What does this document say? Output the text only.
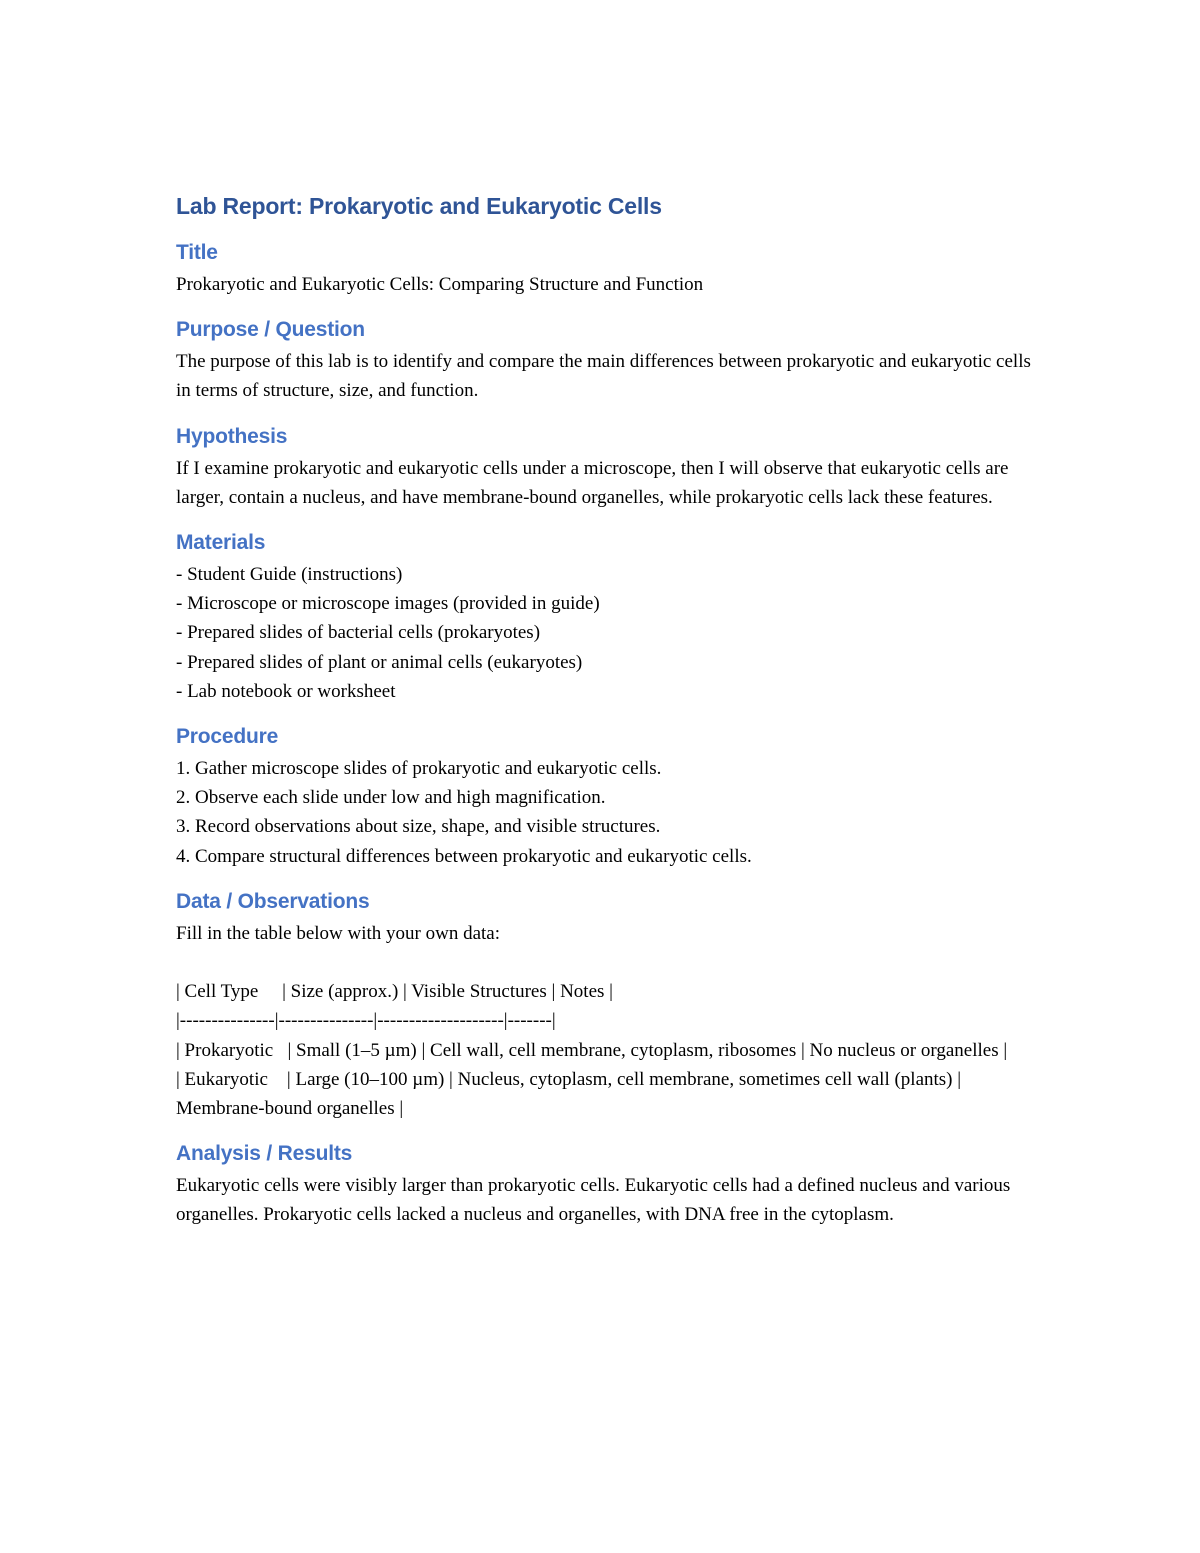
Lab Report: Prokaryotic and Eukaryotic Cells
Title

Prokaryotic and Eukaryotic Cells: Comparing Structure and Function

Purpose / Question

The purpose of this lab is to identify and compare the main differences between prokaryotic and eukaryotic cells in terms of structure, size, and function.

Hypothesis

If I examine prokaryotic and eukaryotic cells under a microscope, then I will observe that eukaryotic cells are larger, contain a nucleus, and have membrane-bound organelles, while prokaryotic cells lack these features.

Materials
- Student Guide (instructions)
- Microscope or microscope images (provided in guide)
- Prepared slides of bacterial cells (prokaryotes)
- Prepared slides of plant or animal cells (eukaryotes)
- Lab notebook or worksheet
Procedure
1. Gather microscope slides of prokaryotic and eukaryotic cells.
2. Observe each slide under low and high magnification.
3. Record observations about size, shape, and visible structures.
4. Compare structural differences between prokaryotic and eukaryotic cells.
Data / Observations
Fill in the table below with your own data:
| Cell Type     | Size (approx.) | Visible Structures | Notes |
|---------------|---------------|--------------------|-------|
| Prokaryotic   | Small (1–5 µm) | Cell wall, cell membrane, cytoplasm, ribosomes | No nucleus or organelles |
| Eukaryotic    | Large (10–100 µm) | Nucleus, cytoplasm, cell membrane, sometimes cell wall (plants) | Membrane-bound organelles |
Analysis / Results

Eukaryotic cells were visibly larger than prokaryotic cells. Eukaryotic cells had a defined nucleus and various organelles. Prokaryotic cells lacked a nucleus and organelles, with DNA free in the cytoplasm.
